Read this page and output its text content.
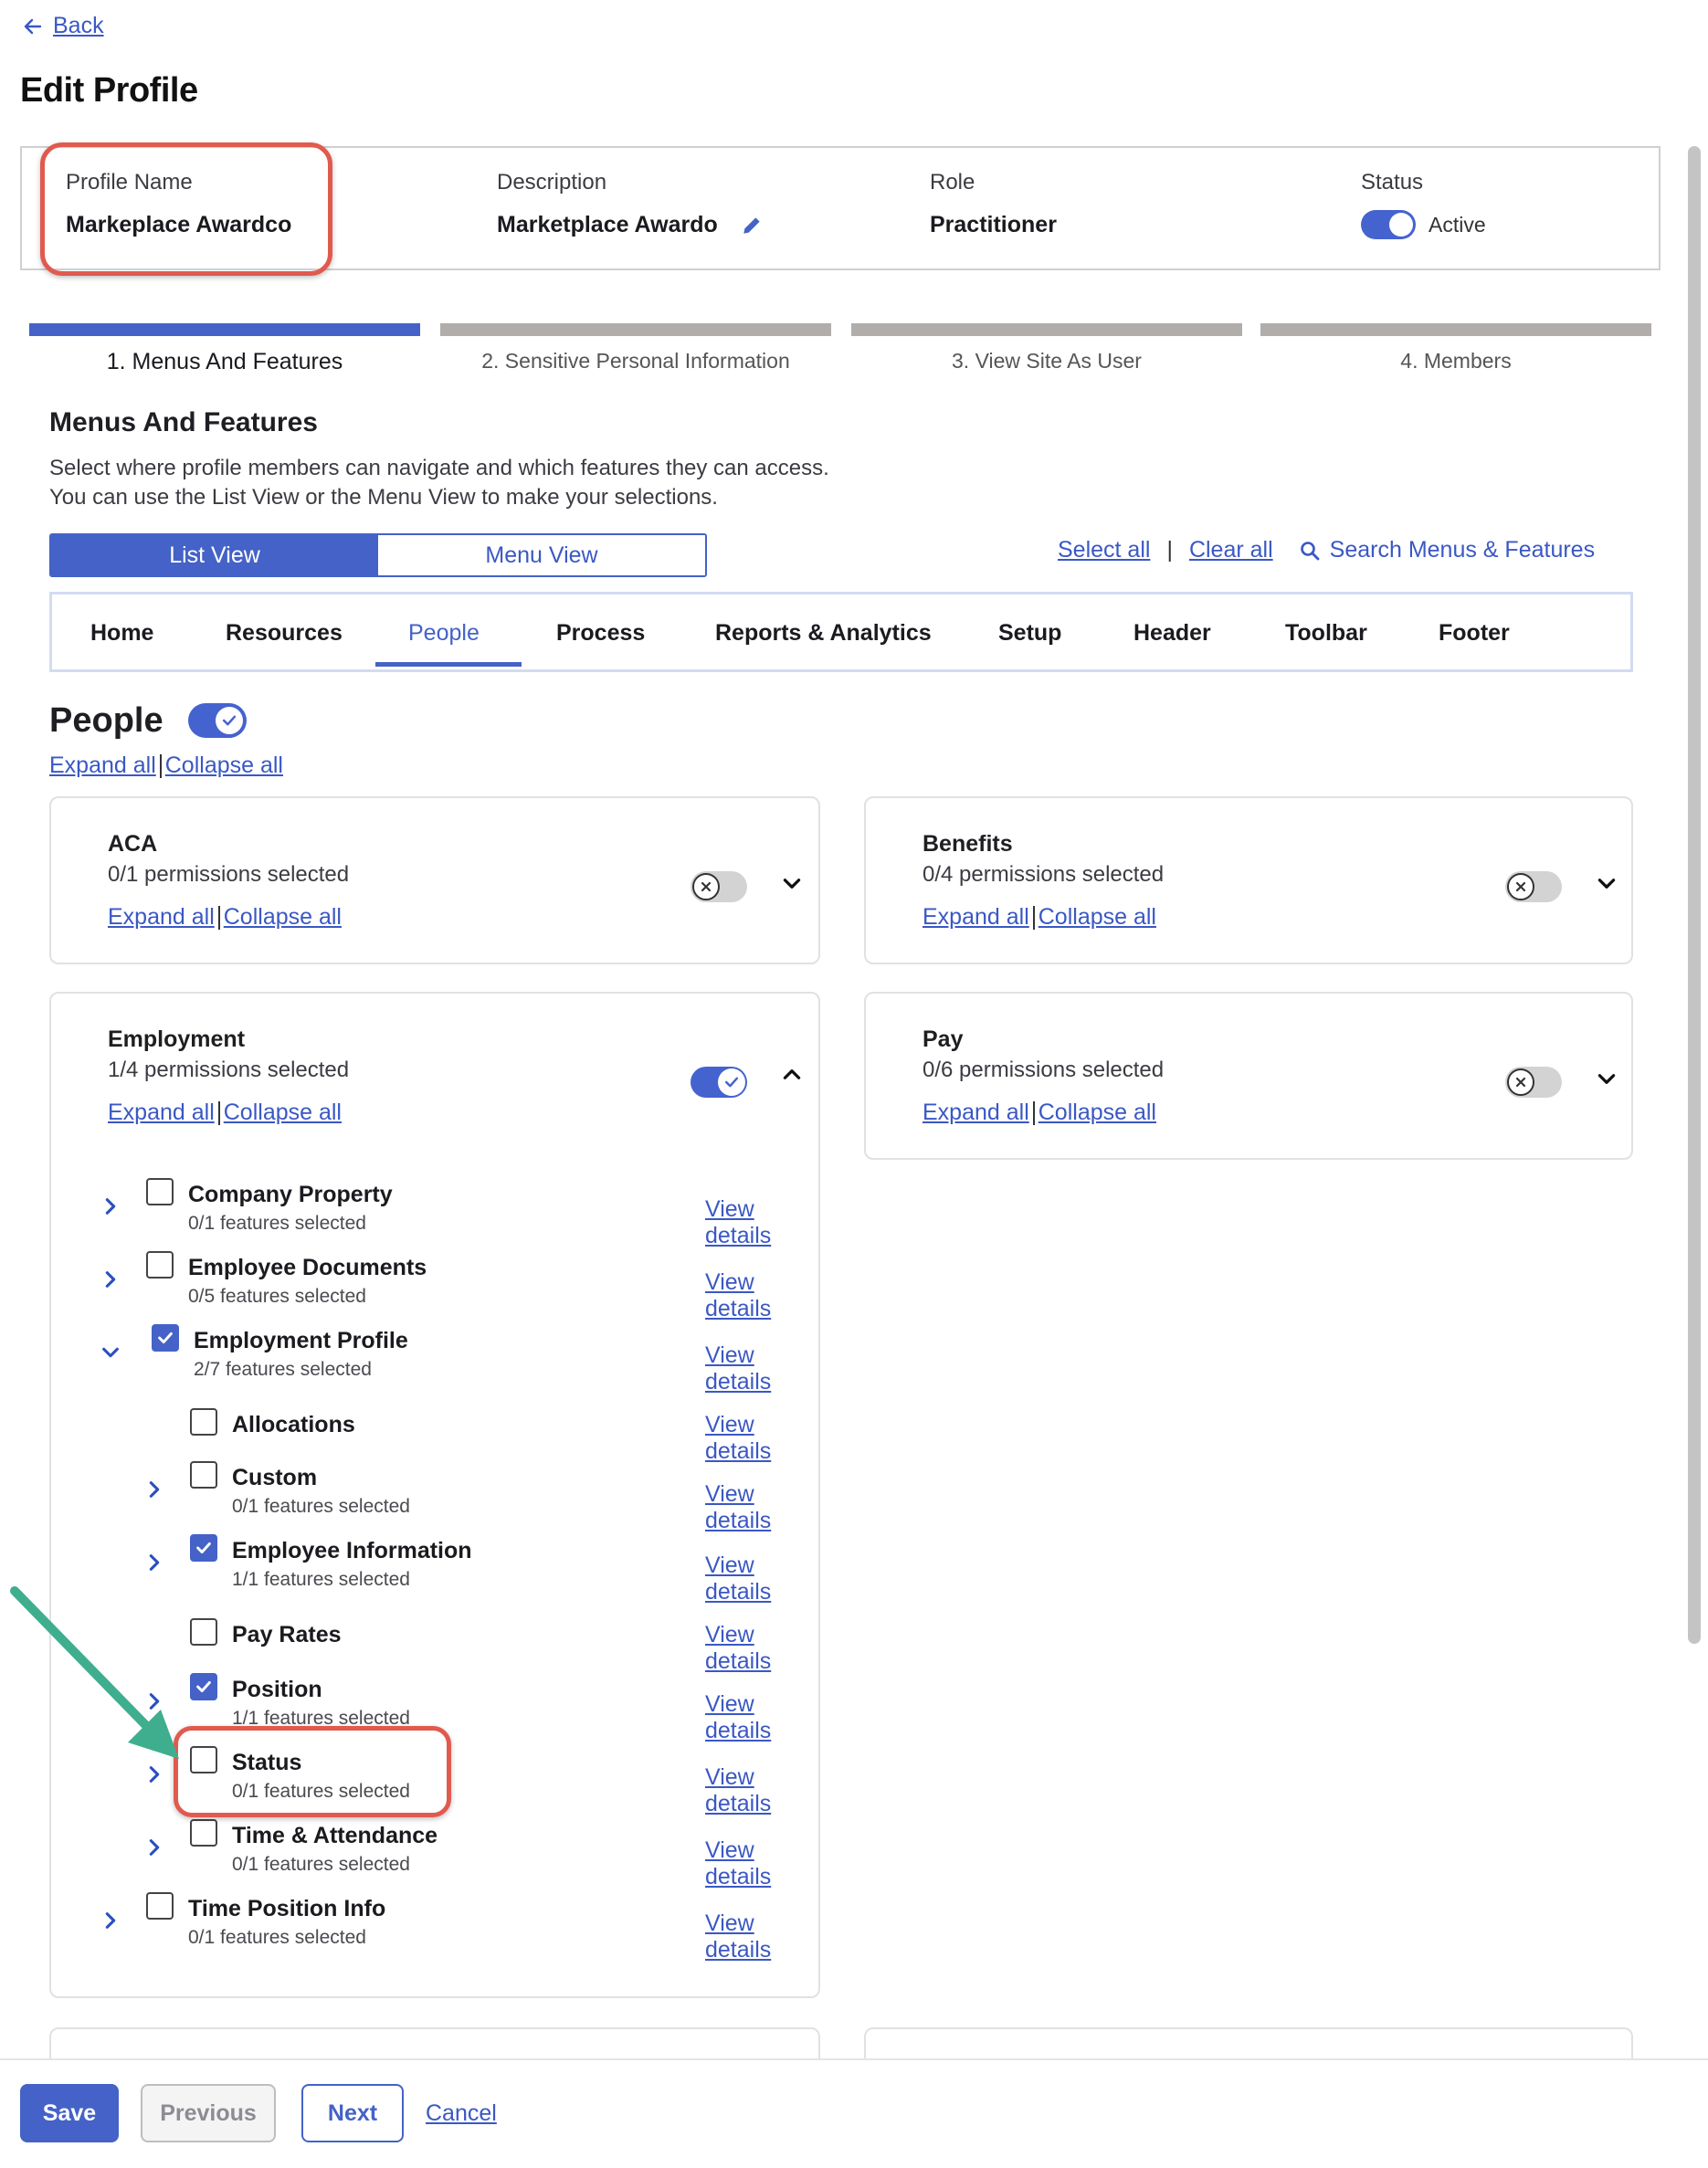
Back
Edit Profile
Profile Name
Markeplace Awardco
Description
Marketplace Awardo
Role
Practitioner
Status
Active
1. Menus And Features	2. Sensitive Personal Information	3. View Site As User	4. Members
Menus And Features
Select where profile members can navigate and which features they can access.
You can use the List View or the Menu View to make your selections.
List View	Menu View	Select all | Clear all Search Menus & Features
Home	Resources	People	Process	Reports & Analytics	Setup	Header	Toolbar	Footer
People
Expand all Collapse all
ACA
0/1 permissions selected
Expand all Collapse all
Benefits
0/4 permissions selected
Expand all Collapse all
Employment
1/4 permissions selected
Expand all Collapse all
Company Property
0/1 features selected
View details
Employee Documents
0/5 features selected
View details
Employment Profile
2/7 features selected
View details
Allocations	View details
Custom
0/1 features selected	View details
Employee Information
1/1 features selected
View details
Pay Rates	View details
Position
1/1 features selected
View details
Status
0/1 features selected
View details
Time & Attendance
0/1 features selected
View details
Time Position Info
0/1 features selected
View details
Pay
0/6 permissions selected
Expand all Collapse all
Save	Previous	Next	Cancel
